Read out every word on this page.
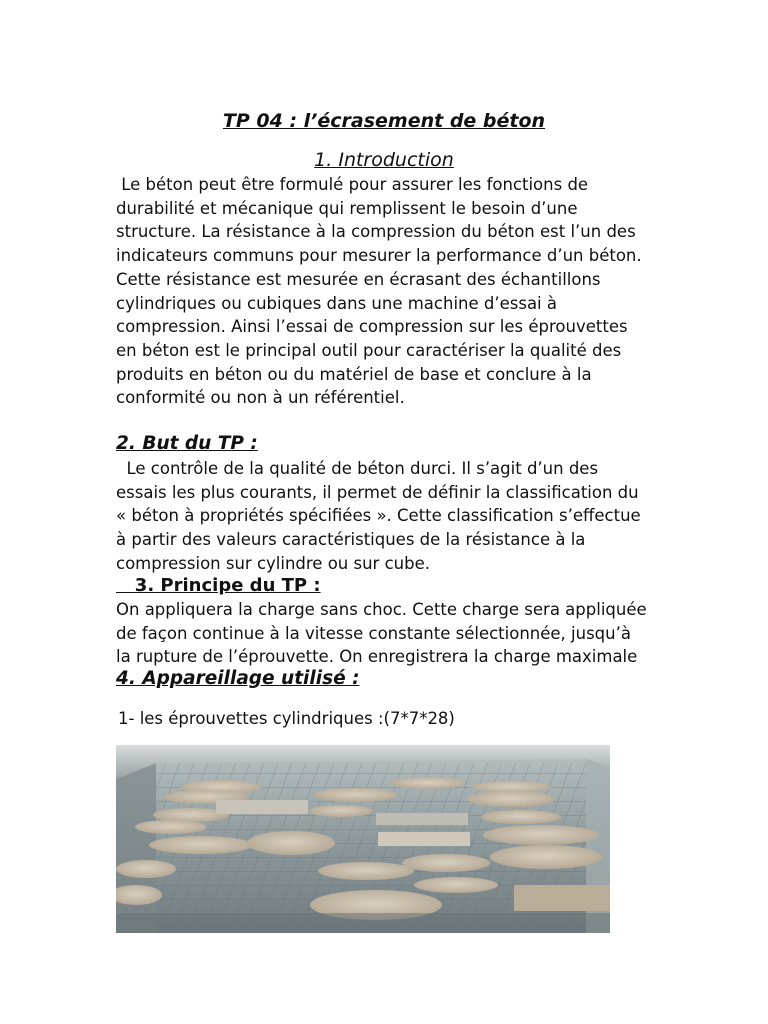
TP 04 : l’écrasement de béton
1. Introduction
Le béton peut être formulé pour assurer les fonctions de
durabilité et mécanique qui remplissent le besoin d’une
structure. La résistance à la compression du béton est l’un des
indicateurs communs pour mesurer la performance d’un béton.
Cette résistance est mesurée en écrasant des échantillons
cylindriques ou cubiques dans une machine d’essai à
compression. Ainsi l’essai de compression sur les éprouvettes
en béton est le principal outil pour caractériser la qualité des
produits en béton ou du matériel de base et conclure à la
conformité ou non à un référentiel.
2. But du TP :
Le contrôle de la qualité de béton durci. Il s’agit d’un des
essais les plus courants, il permet de définir la classification du
« béton à propriétés spécifiées ». Cette classification s’effectue
à partir des valeurs caractéristiques de la résistance à la
compression sur cylindre ou sur cube.
3. Principe du TP :
On appliquera la charge sans choc. Cette charge sera appliquée
de façon continue à la vitesse constante sélectionnée, jusqu’à
la rupture de l’éprouvette. On enregistrera la charge maximale
4. Appareillage utilisé :
1- les éprouvettes cylindriques :(7*7*28)
